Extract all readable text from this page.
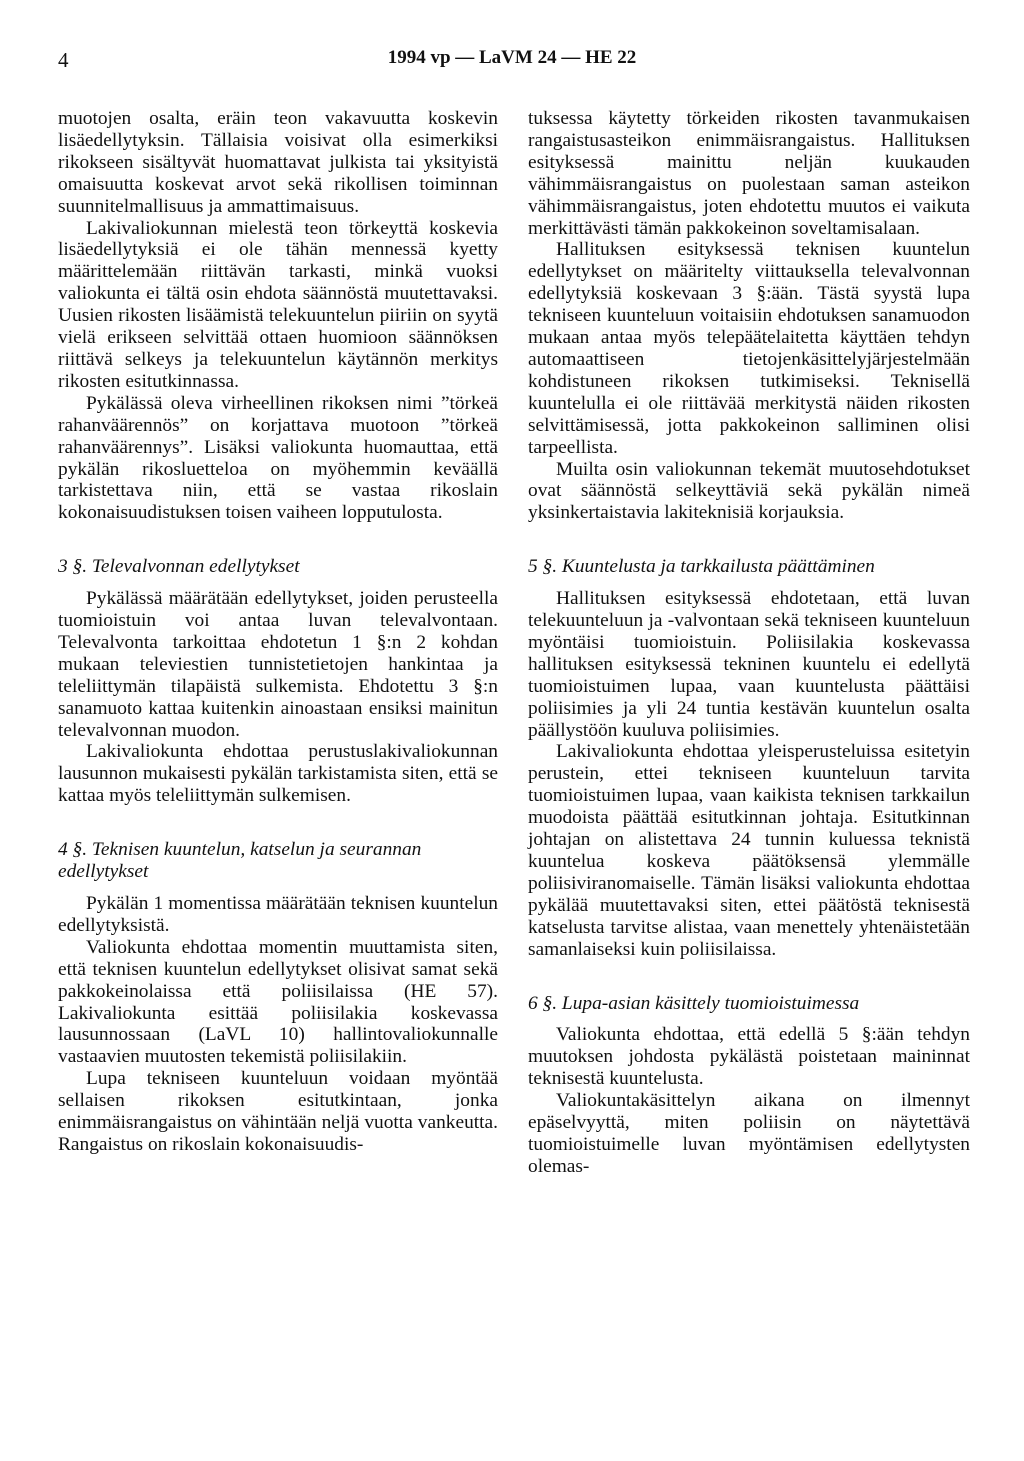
4	1994 vp — LaVM 24 — HE 22

muotojen osalta, eräin teon vakavuutta koskevin lisäedellytyksin. Tällaisia voisivat olla esimerkiksi rikokseen sisältyvät huomattavat julkista tai yksityistä omaisuutta koskevat arvot sekä rikollisen toiminnan suunnitelmallisuus ja ammattimaisuus.

Lakivaliokunnan mielestä teon törkeyttä koskevia lisäedellytyksiä ei ole tähän mennessä kyetty määrittelemään riittävän tarkasti, minkä vuoksi valiokunta ei tältä osin ehdota säännöstä muutettavaksi. Uusien rikosten lisäämistä telekuuntelun piiriin on syytä vielä erikseen selvittää ottaen huomioon säännöksen riittävä selkeys ja telekuuntelun käytännön merkitys rikosten esitutkinnassa.

Pykälässä oleva virheellinen rikoksen nimi ”törkeä rahanväärennös” on korjattava muotoon ”törkeä rahanväärennys”. Lisäksi valiokunta huomauttaa, että pykälän rikosluetteloa on myöhemmin keväällä tarkistettava niin, että se vastaa rikoslain kokonaisuudistuksen toisen vaiheen lopputulosta.

3 §. Televalvonnan edellytykset

Pykälässä määrätään edellytykset, joiden perusteella tuomioistuin voi antaa luvan televalvontaan. Televalvonta tarkoittaa ehdotetun 1 §:n 2 kohdan mukaan televiestien tunnistetietojen hankintaa ja teleliittymän tilapäistä sulkemista. Ehdotettu 3 §:n sanamuoto kattaa kuitenkin ainoastaan ensiksi mainitun televalvonnan muodon.

Lakivaliokunta ehdottaa perustuslakivaliokunnan lausunnon mukaisesti pykälän tarkistamista siten, että se kattaa myös teleliittymän sulkemisen.

4 §. Teknisen kuuntelun, katselun ja seurannan edellytykset

Pykälän 1 momentissa määrätään teknisen kuuntelun edellytyksistä.

Valiokunta ehdottaa momentin muuttamista siten, että teknisen kuuntelun edellytykset olisivat samat sekä pakkokeinolaissa että poliisilaissa (HE 57). Lakivaliokunta esittää poliisilakia koskevassa lausunnossaan (LaVL 10) hallintovaliokunnalle vastaavien muutosten tekemistä poliisilakiin.

Lupa tekniseen kuunteluun voidaan myöntää sellaisen rikoksen esitutkintaan, jonka enimmäisrangaistus on vähintään neljä vuotta vankeutta. Rangaistus on rikoslain kokonaisuudis-

tuksessa käytetty törkeiden rikosten tavanmukaisen rangaistusasteikon enimmäisrangaistus. Hallituksen esityksessä mainittu neljän kuukauden vähimmäisrangaistus on puolestaan saman asteikon vähimmäisrangaistus, joten ehdotettu muutos ei vaikuta merkittävästi tämän pakkokeinon soveltamisalaan.

Hallituksen esityksessä teknisen kuuntelun edellytykset on määritelty viittauksella televalvonnan edellytyksiä koskevaan 3 §:ään. Tästä syystä lupa tekniseen kuunteluun voitaisiin ehdotuksen sanamuodon mukaan antaa myös telepäätelaitetta käyttäen tehdyn automaattiseen tietojenkäsittelyjärjestelmään kohdistuneen rikoksen tutkimiseksi. Teknisellä kuuntelulla ei ole riittävää merkitystä näiden rikosten selvittämisessä, jotta pakkokeinon salliminen olisi tarpeellista.

Muilta osin valiokunnan tekemät muutosehdotukset ovat säännöstä selkeyttäviä sekä pykälän nimeä yksinkertaistavia lakiteknisiä korjauksia.

5 §. Kuuntelusta ja tarkkailusta päättäminen

Hallituksen esityksessä ehdotetaan, että luvan telekuunteluun ja -valvontaan sekä tekniseen kuunteluun myöntäisi tuomioistuin. Poliisilakia koskevassa hallituksen esityksessä tekninen kuuntelu ei edellytä tuomioistuimen lupaa, vaan kuuntelusta päättäisi poliisimies ja yli 24 tuntia kestävän kuuntelun osalta päällystöön kuuluva poliisimies.

Lakivaliokunta ehdottaa yleisperusteluissa esitetyin perustein, ettei tekniseen kuunteluun tarvita tuomioistuimen lupaa, vaan kaikista teknisen tarkkailun muodoista päättää esitutkinnan johtaja. Esitutkinnan johtajan on alistettava 24 tunnin kuluessa teknistä kuuntelua koskeva päätöksensä ylemmälle poliisiviranomaiselle. Tämän lisäksi valiokunta ehdottaa pykälää muutettavaksi siten, ettei päätöstä teknisestä katselusta tarvitse alistaa, vaan menettely yhtenäistetään samanlaiseksi kuin poliisilaissa.

6 §. Lupa-asian käsittely tuomioistuimessa

Valiokunta ehdottaa, että edellä 5 §:ään tehdyn muutoksen johdosta pykälästä poistetaan maininnat teknisestä kuuntelusta.

Valiokuntakäsittelyn aikana on ilmennyt epäselvyyttä, miten poliisin on näytettävä tuomioistuimelle luvan myöntämisen edellytysten olemas-
